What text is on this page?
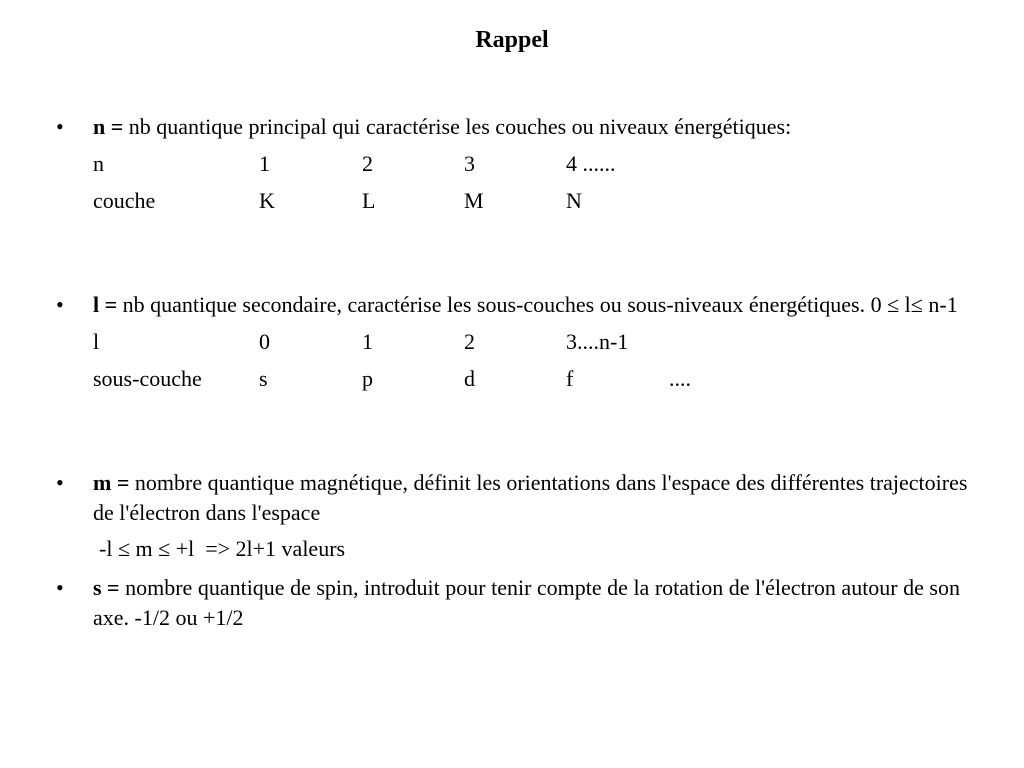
Rappel
• n = nb quantique principal qui caractérise les couches ou niveaux énergétiques:
n	1	2	3	4 ......
couche	K	L	M	N
• l = nb quantique secondaire, caractérise les sous-couches ou sous-niveaux énergétiques. 0 ≤ l≤ n-1
l	0	1	2	3....n-1
sous-couche	s	p	d	f	....
• m = nombre quantique magnétique, définit les orientations dans l'espace des différentes trajectoires de l'électron dans l'espace
-l ≤ m ≤ +l  => 2l+1 valeurs
• s = nombre quantique de spin, introduit pour tenir compte de la rotation de l'électron autour de son axe. -1/2 ou +1/2
